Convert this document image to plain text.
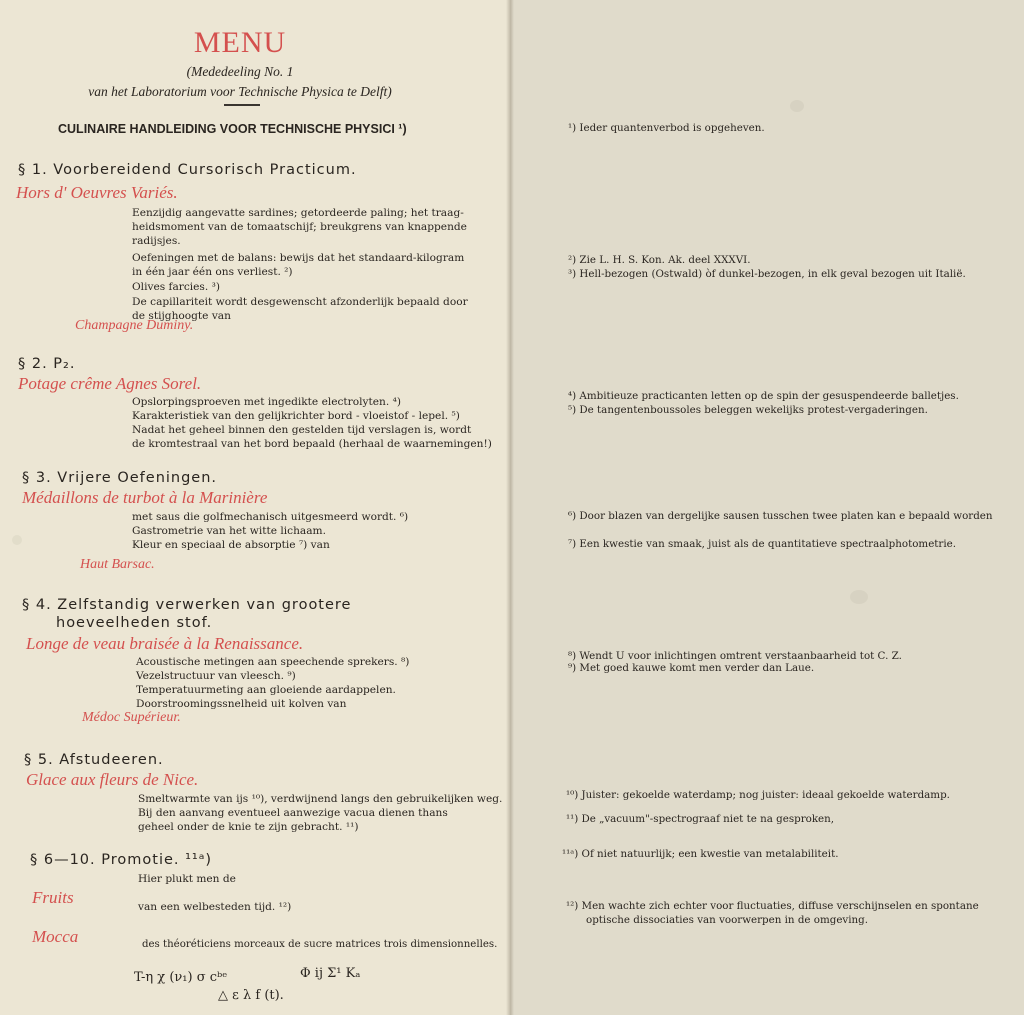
MENU
(Mededeeling No. 1
van het Laboratorium voor Technische Physica te Delft)
CULINAIRE HANDLEIDING VOOR TECHNISCHE PHYSICI ¹)
§ 1. Voorbereidend Cursorisch Practicum.
Hors d' Oeuvres Variés.
Eenzijdig aangevatte sardines; getordeerde paling; het traag-
heidsmoment van de tomaatschijf; breukgrens van knappende
radijsjes.
Oefeningen met de balans: bewijs dat het standaard-kilogram
in één jaar één ons verliest. ²)
Olives farcies. ³)
De capillariteit wordt desgewenscht afzonderlijk bepaald door
de stijghoogte van
Champagne Duminy.
§ 2. P₂.
Potage crême Agnes Sorel.
Opslorpingsproeven met ingedikte electrolyten. ⁴)
Karakteristiek van den gelijkrichter bord - vloeistof - lepel. ⁵)
Nadat het geheel binnen den gestelden tijd verslagen is, wordt
de kromtestraal van het bord bepaald (herhaal de waarnemingen!)
§ 3. Vrijere Oefeningen.
Médaillons de turbot à la Marinière
met saus die golfmechanisch uitgesmeerd wordt. ⁶)
Gastrometrie van het witte lichaam.
Kleur en speciaal de absorptie ⁷) van
Haut Barsac.
§ 4. Zelfstandig verwerken van grootere
hoeveelheden stof.
Longe de veau braisée à la Renaissance.
Acoustische metingen aan speechende sprekers. ⁸)
Vezelstructuur van vleesch. ⁹)
Temperatuurmeting aan gloeiende aardappelen.
Doorstroomingssnelheid uit kolven van
Médoc Supérieur.
§ 5. Afstudeeren.
Glace aux fleurs de Nice.
Smeltwarmte van ijs ¹⁰), verdwijnend langs den gebruikelijken weg.
Bij den aanvang eventueel aanwezige vacua dienen thans
geheel onder de knie te zijn gebracht. ¹¹)
§ 6—10. Promotie. ¹¹ᵃ)
Hier plukt men de
Fruits	van een welbesteden tijd. ¹²)
Mocca	des théoréticiens morceaux de sucre matrices trois dimensionnelles.
T-η χ (ν₁) σ cᵇᵉ	Φ ij Σ¹ Kₐ
△ ε λ f (t).
¹) Ieder quantenverbod is opgeheven.
²) Zie L. H. S. Kon. Ak. deel XXXVI.
³) Hell-bezogen (Ostwald) òf dunkel-bezogen, in elk geval bezogen uit Italië.
⁴) Ambitieuze practicanten letten op de spin der gesuspendeerde balletjes.
⁵) De tangentenboussoles beleggen wekelijks protest-vergaderingen.
⁶) Door blazen van dergelijke sausen tusschen twee platen kan e bepaald worden
⁷) Een kwestie van smaak, juist als de quantitatieve spectraalphotometrie.
⁸) Wendt U voor inlichtingen omtrent verstaanbaarheid tot C. Z.
⁹) Met goed kauwe komt men verder dan Laue.
¹⁰) Juister: gekoelde waterdamp; nog juister: ideaal gekoelde waterdamp.
¹¹) De „vacuum"-spectrograaf niet te na gesproken,
¹¹ᵃ) Of niet natuurlijk; een kwestie van metalabiliteit.
¹²) Men wachte zich echter voor fluctuaties, diffuse verschijnselen en spontane
optische dissociaties van voorwerpen in de omgeving.
